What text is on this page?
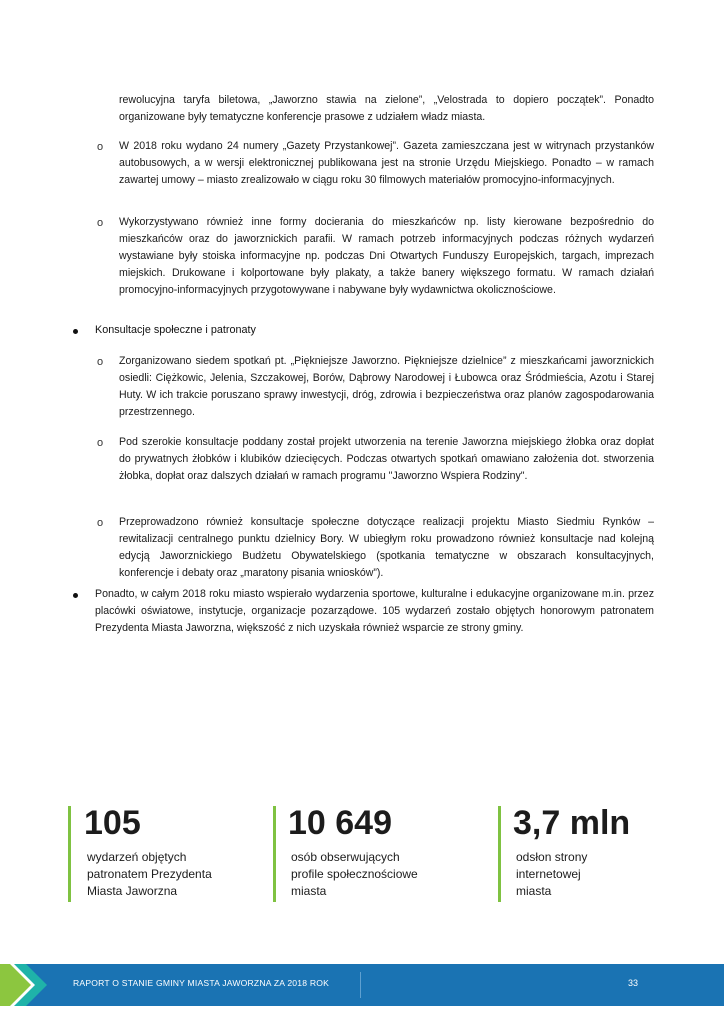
rewolucyjna taryfa biletowa, „Jaworzno stawia na zielone”, „Velostrada to dopiero początek”. Ponadto organizowane były tematyczne konferencje prasowe z udziałem władz miasta.

o W 2018 roku wydano 24 numery „Gazety Przystankowej”. Gazeta zamieszczana jest w witrynach przystanków autobusowych, a w wersji elektronicznej publikowana jest na stronie Urzędu Miejskiego. Ponadto – w ramach zawartej umowy – miasto zrealizowało w ciągu roku 30 filmowych materiałów promocyjno-informacyjnych.

o Wykorzystywano również inne formy docierania do mieszkańców np. listy kierowane bezpośrednio do mieszkańców oraz do jaworznickich parafii. W ramach potrzeb informacyjnych podczas różnych wydarzeń wystawiane były stoiska informacyjne np. podczas Dni Otwartych Funduszy Europejskich, targach, imprezach miejskich. Drukowane i kolportowane były plakaty, a także banery większego formatu. W ramach działań promocyjno-informacyjnych przygotowywane i nabywane były wydawnictwa okolicznościowe.

Konsultacje społeczne i patronaty

o Zorganizowano siedem spotkań pt. „Piękniejsze Jaworzno. Piękniejsze dzielnice” z mieszkańcami jaworznickich osiedli: Ciężkowic, Jelenia, Szczakowej, Borów, Dąbrowy Narodowej i Łubowca oraz Śródmieścia, Azotu i Starej Huty. W ich trakcie poruszano sprawy inwestycji, dróg, zdrowia i bezpieczeństwa oraz planów zagospodarowania przestrzennego.

o Pod szerokie konsultacje poddany został projekt utworzenia na terenie Jaworzna miejskiego żłobka oraz dopłat do prywatnych żłobków i klubików dziecięcych. Podczas otwartych spotkań omawiano założenia dot. stworzenia żłobka, dopłat oraz dalszych działań w ramach programu "Jaworzno Wspiera Rodziny".

o Przeprowadzono również konsultacje społeczne dotyczące realizacji projektu Miasto Siedmiu Rynków – rewitalizacji centralnego punktu dzielnicy Bory. W ubiegłym roku prowadzono również konsultacje nad kolejną edycją Jaworznickiego Budżetu Obywatelskiego (spotkania tematyczne w obszarach konsultacyjnych, konferencje i debaty oraz „maratony pisania wniosków”).

Ponadto, w całym 2018 roku miasto wspierało wydarzenia sportowe, kulturalne i edukacyjne organizowane m.in. przez placówki oświatowe, instytucje, organizacje pozarządowe. 105 wydarzeń zostało objętych honorowym patronatem Prezydenta Miasta Jaworzna, większość z nich uzyskała również wsparcie ze strony gminy.

105
wydarzeń objętych
patronatem Prezydenta
Miasta Jaworzna
10 649
osób obserwujących
profile społecznościowe
miasta
3,7 mln
odsłon strony
internetowej
miasta
RAPORT O STANIE GMINY MIASTA JAWORZNA ZA 2018 ROK	33
